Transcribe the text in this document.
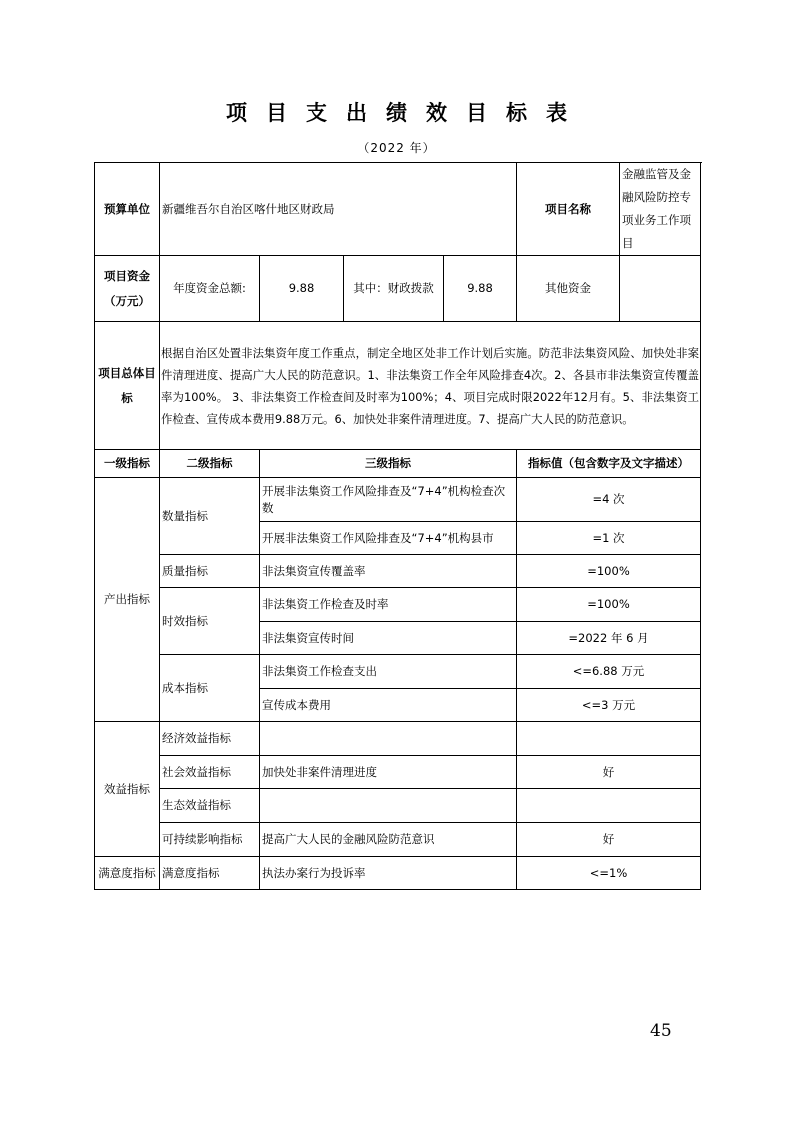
项目支出绩效目标表
（2022 年）
预算单位	新疆维吾尔自治区喀什地区财政局				项目名称	金融监管及金融风险防控专项业务工作项目
项目资金
（万元）	年度资金总额:	9.88	其中：财政拨款	9.88	其他资金	
项目总体目标	根据自治区处置非法集资年度工作重点，制定全地区处非工作计划后实施。防范非法集资风险、加快处非案件清理进度、提高广大人民的防范意识。1、非法集资工作全年风险排查4次。2、各县市非法集资宣传覆盖率为100%。 3、非法集资工作检查间及时率为100%；4、项目完成时限2022年12月有。5、非法集资工作检查、宣传成本费用9.88万元。6、加快处非案件清理进度。7、提高广大人民的防范意识。					
一级指标	二级指标	三级指标			指标值（包含数字及文字描述）	
产出指标	数量指标	开展非法集资工作风险排查及“7+4”机构检查次数			=4 次	
		开展非法集资工作风险排查及“7+4”机构县市			=1 次	
	质量指标	非法集资宣传覆盖率			=100%	
	时效指标	非法集资工作检查及时率			=100%	
		非法集资宣传时间			=2022 年 6 月	
	成本指标	非法集资工作检查支出			<=6.88 万元	
		宣传成本费用			<=3 万元	
效益指标	经济效益指标					
	社会效益指标	加快处非案件清理进度			好	
	生态效益指标					
	可持续影响指标	提高广大人民的金融风险防范意识			好	
满意度指标	满意度指标	执法办案行为投诉率			<=1%	
45
